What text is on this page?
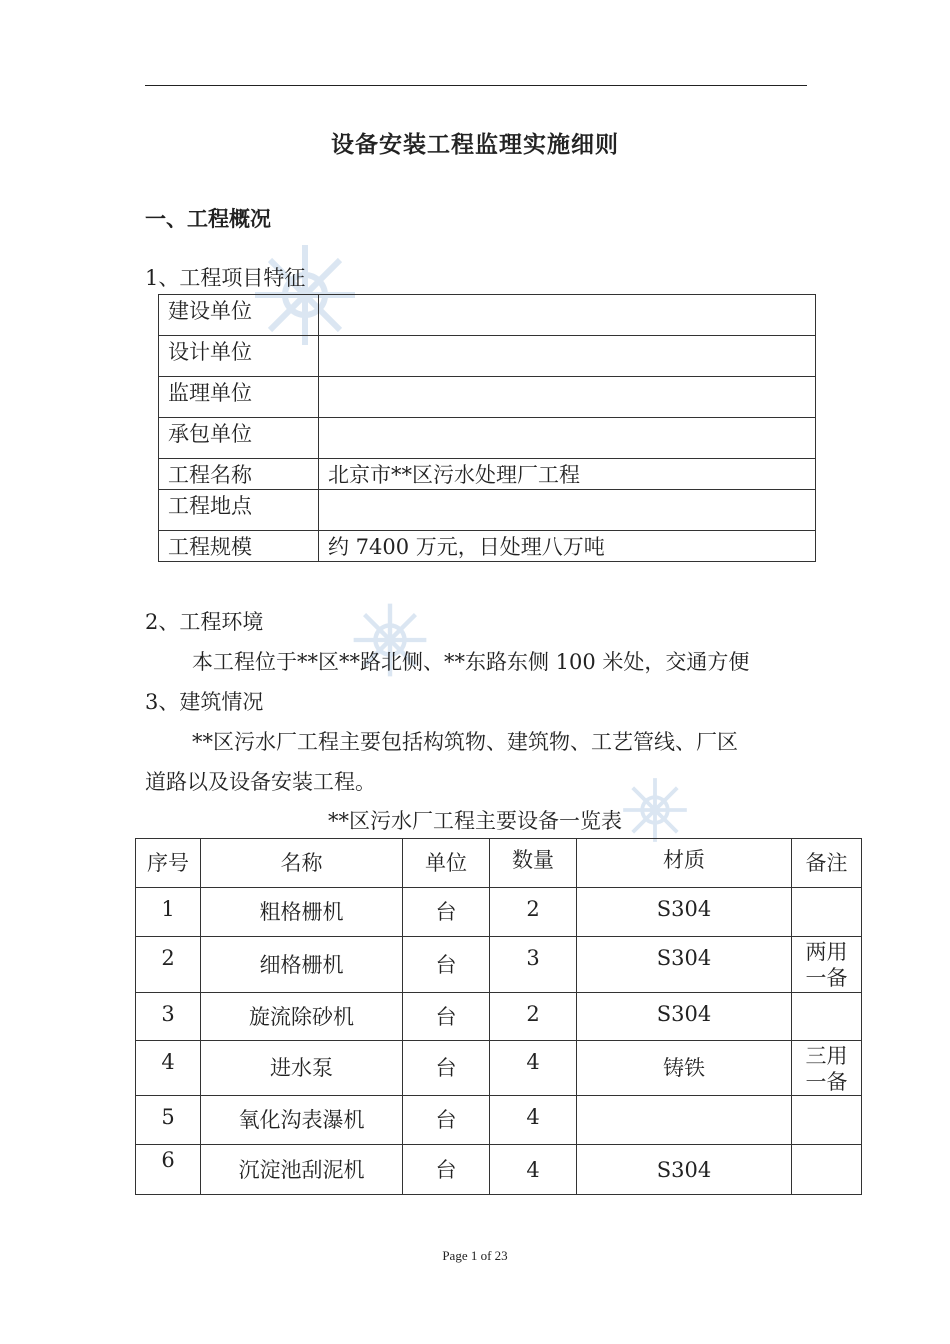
设备安装工程监理实施细则
一、工程概况
1、工程项目特征
建设单位	
设计单位	
监理单位	
承包单位	
工程名称	北京市**区污水处理厂工程
工程地点	
工程规模	约 7400 万元，日处理八万吨
2、工程环境
本工程位于**区**路北侧、**东路东侧 100 米处，交通方便
3、建筑情况
**区污水厂工程主要包括构筑物、建筑物、工艺管线、厂区
道路以及设备安装工程。
**区污水厂工程主要设备一览表
序号	名称	单位	数量	材质	备注
1	粗格栅机	台	2	S304	

2	细格栅机	台	3	S304	两用
一备

3	旋流除砂机	台	2	S304	

4	进水泵	台	4	铸铁	三用
一备

5	氧化沟表瀑机	台	4		

6	沉淀池刮泥机	台	4	S304	
Page 1 of 23
